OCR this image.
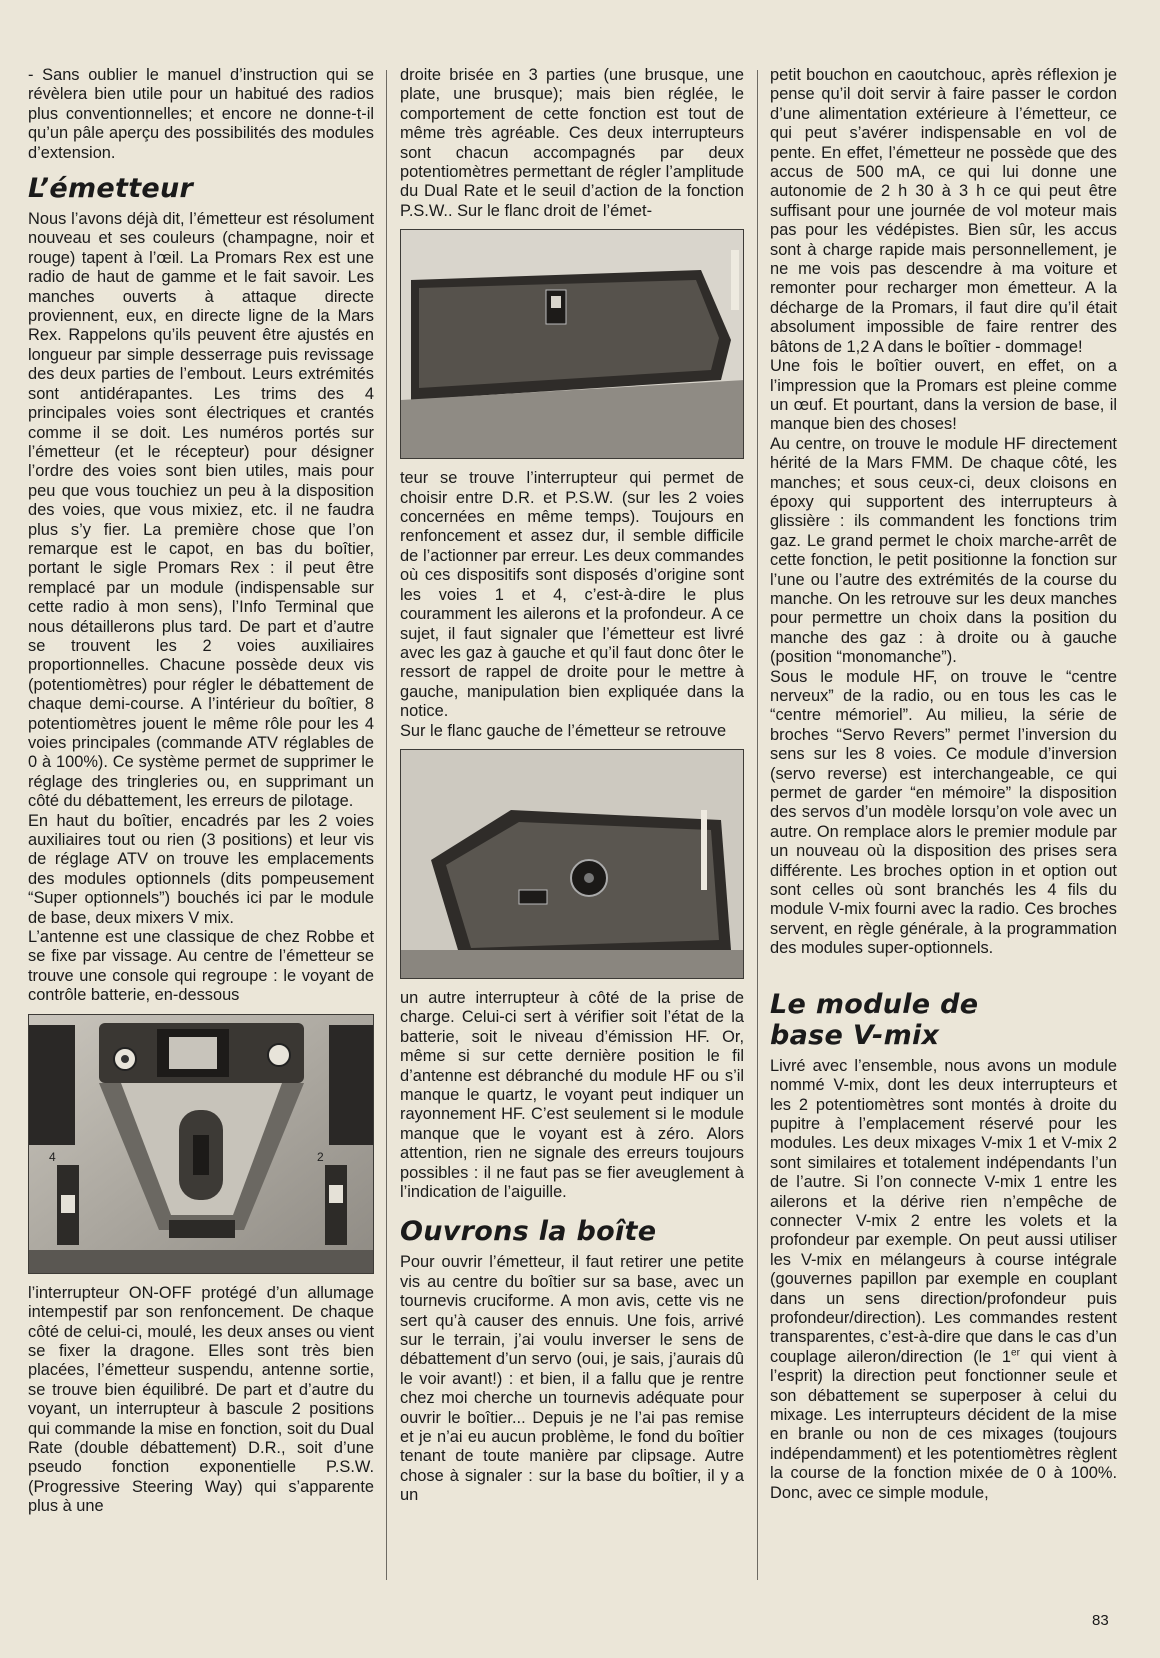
- Sans oublier le manuel d’instruction qui se révèlera bien utile pour un habitué des radios plus conventionnelles; et encore ne donne-t-il qu’un pâle aperçu des possibilités des modules d’extension.

L’émetteur

Nous l’avons déjà dit, l’émetteur est résolument nouveau et ses couleurs (champagne, noir et rouge) tapent à l’œil. La Promars Rex est une radio de haut de gamme et le fait savoir. Les manches ouverts à attaque directe proviennent, eux, en directe ligne de la Mars Rex. Rappelons qu’ils peuvent être ajustés en longueur par simple desserrage puis revissage des deux parties de l’embout. Leurs extrémités sont antidérapantes. Les trims des 4 principales voies sont électriques et crantés comme il se doit. Les numéros portés sur l’émetteur (et le récepteur) pour désigner l’ordre des voies sont bien utiles, mais pour peu que vous touchiez un peu à la disposition des voies, que vous mixiez, etc. il ne faudra plus s’y fier. La première chose que l’on remarque est le capot, en bas du boîtier, portant le sigle Promars Rex : il peut être remplacé par un module (indispensable sur cette radio à mon sens), l’Info Terminal que nous détaillerons plus tard. De part et d’autre se trouvent les 2 voies auxiliaires proportionnelles. Chacune possède deux vis (potentiomètres) pour régler le débattement de chaque demi-course. A l’intérieur du boîtier, 8 potentiomètres jouent le même rôle pour les 4 voies principales (commande ATV réglables de 0 à 100%). Ce système permet de supprimer le réglage des tringleries ou, en supprimant un côté du débattement, les erreurs de pilotage.

En haut du boîtier, encadrés par les 2 voies auxiliaires tout ou rien (3 positions) et leur vis de réglage ATV on trouve les emplacements des modules optionnels (dits pompeusement “Super optionnels”) bouchés ici par le module de base, deux mixers V mix.

L’antenne est une classique de chez Robbe et se fixe par vissage. Au centre de l’émetteur se trouve une console qui regroupe : le voyant de contrôle batterie, en-dessous

4	2

l’interrupteur ON-OFF protégé d’un allumage intempestif par son renfoncement. De chaque côté de celui-ci, moulé, les deux anses ou vient se fixer la dragone. Elles sont très bien placées, l’émetteur suspendu, antenne sortie, se trouve bien équilibré. De part et d’autre du voyant, un interrupteur à bascule 2 positions qui commande la mise en fonction, soit du Dual Rate (double débattement) D.R., soit d’une pseudo fonction exponentielle P.S.W. (Progressive Steering Way) qui s’apparente plus à une

droite brisée en 3 parties (une brusque, une plate, une brusque); mais bien réglée, le comportement de cette fonction est tout de même très agréable. Ces deux interrupteurs sont chacun accompagnés par deux potentiomètres permettant de régler l’amplitude du Dual Rate et le seuil d’action de la fonction P.S.W.. Sur le flanc droit de l’émet-

teur se trouve l’interrupteur qui permet de choisir entre D.R. et P.S.W. (sur les 2 voies concernées en même temps). Toujours en renfoncement et assez dur, il semble difficile de l’actionner par erreur. Les deux commandes où ces dispositifs sont disposés d’origine sont les voies 1 et 4, c’est-à-dire le plus couramment les ailerons et la profondeur. A ce sujet, il faut signaler que l’émetteur est livré avec les gaz à gauche et qu’il faut donc ôter le ressort de rappel de droite pour le mettre à gauche, manipulation bien expliquée dans la notice.

Sur le flanc gauche de l’émetteur se retrouve

un autre interrupteur à côté de la prise de charge. Celui-ci sert à vérifier soit l’état de la batterie, soit le niveau d’émission HF. Or, même si sur cette dernière position le fil d’antenne est débranché du module HF ou s’il manque le quartz, le voyant peut indiquer un rayonnement HF. C’est seulement si le module manque que le voyant est à zéro. Alors attention, rien ne signale des erreurs toujours possibles : il ne faut pas se fier aveuglement à l’indication de l’aiguille.

Ouvrons la boîte

Pour ouvrir l’émetteur, il faut retirer une petite vis au centre du boîtier sur sa base, avec un tournevis cruciforme. A mon avis, cette vis ne sert qu’à causer des ennuis. Une fois, arrivé sur le terrain, j’ai voulu inverser le sens de débattement d’un servo (oui, je sais, j’aurais dû le voir avant!) : et bien, il a fallu que je rentre chez moi cherche un tournevis adéquate pour ouvrir le boîtier... Depuis je ne l’ai pas remise et je n’ai eu aucun problème, le fond du boîtier tenant de toute manière par clipsage. Autre chose à signaler : sur la base du boîtier, il y a un

petit bouchon en caoutchouc, après réflexion je pense qu’il doit servir à faire passer le cordon d’une alimentation extérieure à l’émetteur, ce qui peut s’avérer indispensable en vol de pente. En effet, l’émetteur ne possède que des accus de 500 mA, ce qui lui donne une autonomie de 2 h 30 à 3 h ce qui peut être suffisant pour une journée de vol moteur mais pas pour les védépistes. Bien sûr, les accus sont à charge rapide mais personnellement, je ne me vois pas descendre à ma voiture et remonter pour recharger mon émetteur. A la décharge de la Promars, il faut dire qu’il était absolument impossible de faire rentrer des bâtons de 1,2 A dans le boîtier - dommage!

Une fois le boîtier ouvert, en effet, on a l’impression que la Promars est pleine comme un œuf. Et pourtant, dans la version de base, il manque bien des choses!

Au centre, on trouve le module HF directement hérité de la Mars FMM. De chaque côté, les manches; et sous ceux-ci, deux cloisons en époxy qui supportent des interrupteurs à glissière : ils commandent les fonctions trim gaz. Le grand permet le choix marche-arrêt de cette fonction, le petit positionne la fonction sur l’une ou l’autre des extrémités de la course du manche. On les retrouve sur les deux manches pour permettre un choix dans la position du manche des gaz : à droite ou à gauche (position “monomanche”).

Sous le module HF, on trouve le “centre nerveux” de la radio, ou en tous les cas le “centre mémoriel”. Au milieu, la série de broches “Servo Revers” permet l’inversion du sens sur les 8 voies. Ce module d’inversion (servo reverse) est interchangeable, ce qui permet de garder “en mémoire” la disposition des servos d’un modèle lorsqu’on vole avec un autre. On remplace alors le premier module par un nouveau où la disposition des prises sera différente. Les broches option in et option out sont celles où sont branchés les 4 fils du module V-mix fourni avec la radio. Ces broches servent, en règle générale, à la programmation des modules super-optionnels.

Le module de base V-mix

Livré avec l’ensemble, nous avons un module nommé V-mix, dont les deux interrupteurs et les 2 potentiomètres sont montés à droite du pupitre à l’emplacement réservé pour les modules. Les deux mixages V-mix 1 et V-mix 2 sont similaires et totalement indépendants l’un de l’autre. Si l’on connecte V-mix 1 entre les ailerons et la dérive rien n’empêche de connecter V-mix 2 entre les volets et la profondeur par exemple. On peut aussi utiliser les V-mix en mélangeurs à course intégrale (gouvernes papillon par exemple en couplant dans un sens direction/profondeur puis profondeur/direction). Les commandes restent transparentes, c’est-à-dire que dans le cas d’un couplage aileron/direction (le 1er qui vient à l’esprit) la direction peut fonctionner seule et son débattement se superposer à celui du mixage. Les interrupteurs décident de la mise en branle ou non de ces mixages (toujours indépendamment) et les potentiomètres règlent la course de la fonction mixée de 0 à 100%. Donc, avec ce simple module,

83
